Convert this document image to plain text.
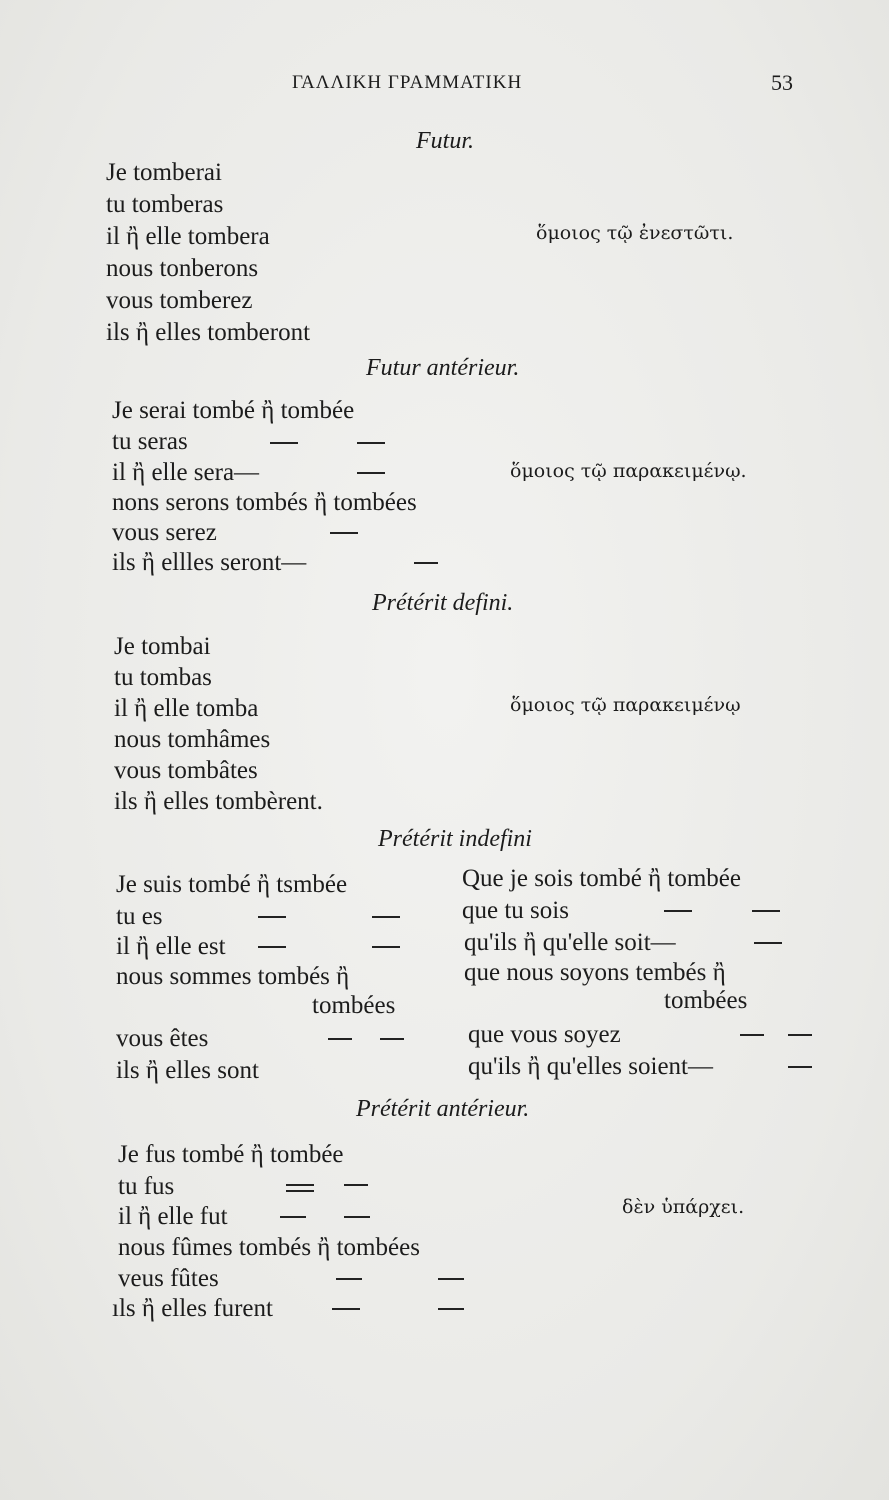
ΓΑΛΛΙΚΗ ΓΡΑΜΜΑΤΙΚΗ	53
Futur.
Je tomberai
tu tomberas
il ἢ elle tombera
nous tonberons
vous tomberez
ils ἢ elles tomberont
ὅμοιος τῷ ἐνεστῶτι.
Futur antérieur.
Je serai tombé ἢ tombée
tu seras
il ἢ elle sera—	ὅμοιος τῷ παρακειμένῳ.
nons serons tombés ἢ tombées
vous serez
ils ἢ ellles seront—
Prétérit defini.
Je tombai
tu tombas
il ἢ elle tomba	ὅμοιος τῷ παρακειμένῳ
nous tomhâmes
vous tombâtes
ils ἢ elles tombèrent.
Prétérit indefini
Je suis tombé ἢ tsmbée
tu es
il ἢ elle est
nous sommes tombés ἢ
tombées
vous êtes
ils ἢ elles sont
Que je sois tombé ἢ tombée
que tu sois
qu'ils ἢ qu'elle soit—
que nous soyons tembés ἢ
tombées
que vous soyez
qu'ils ἢ qu'elles soient—
Prétérit antérieur.
Je fus tombé ἢ tombée
tu fus
il ἢ elle fut	δὲν ὑπάρχει.
nous fûmes tombés ἢ tombées
veus fûtes
ıls ἢ elles furent
